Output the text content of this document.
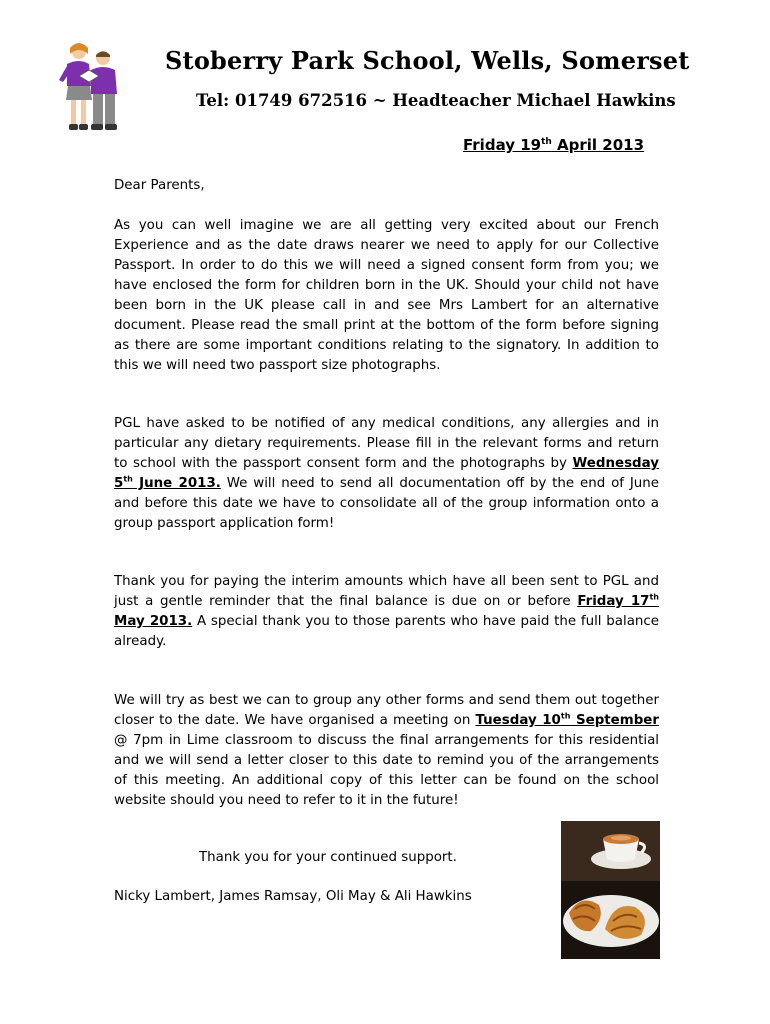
Stoberry Park School, Wells, Somerset
Tel: 01749 672516 ~ Headteacher Michael Hawkins
Friday 19th April 2013
Dear Parents,
As you can well imagine we are all getting very excited about our French Experience and as the date draws nearer we need to apply for our Collective Passport. In order to do this we will need a signed consent form from you; we have enclosed the form for children born in the UK. Should your child not have been born in the UK please call in and see Mrs Lambert for an alternative document. Please read the small print at the bottom of the form before signing as there are some important conditions relating to the signatory. In addition to this we will need two passport size photographs.
PGL have asked to be notified of any medical conditions, any allergies and in particular any dietary requirements. Please fill in the relevant forms and return to school with the passport consent form and the photographs by Wednesday 5th June 2013. We will need to send all documentation off by the end of June and before this date we have to consolidate all of the group information onto a group passport application form!
Thank you for paying the interim amounts which have all been sent to PGL and just a gentle reminder that the final balance is due on or before Friday 17th May 2013. A special thank you to those parents who have paid the full balance already.
We will try as best we can to group any other forms and send them out together closer to the date. We have organised a meeting on Tuesday 10th September @ 7pm in Lime classroom to discuss the final arrangements for this residential and we will send a letter closer to this date to remind you of the arrangements of this meeting. An additional copy of this letter can be found on the school website should you need to refer to it in the future!
Thank you for your continued support.
Nicky Lambert, James Ramsay, Oli May & Ali Hawkins
